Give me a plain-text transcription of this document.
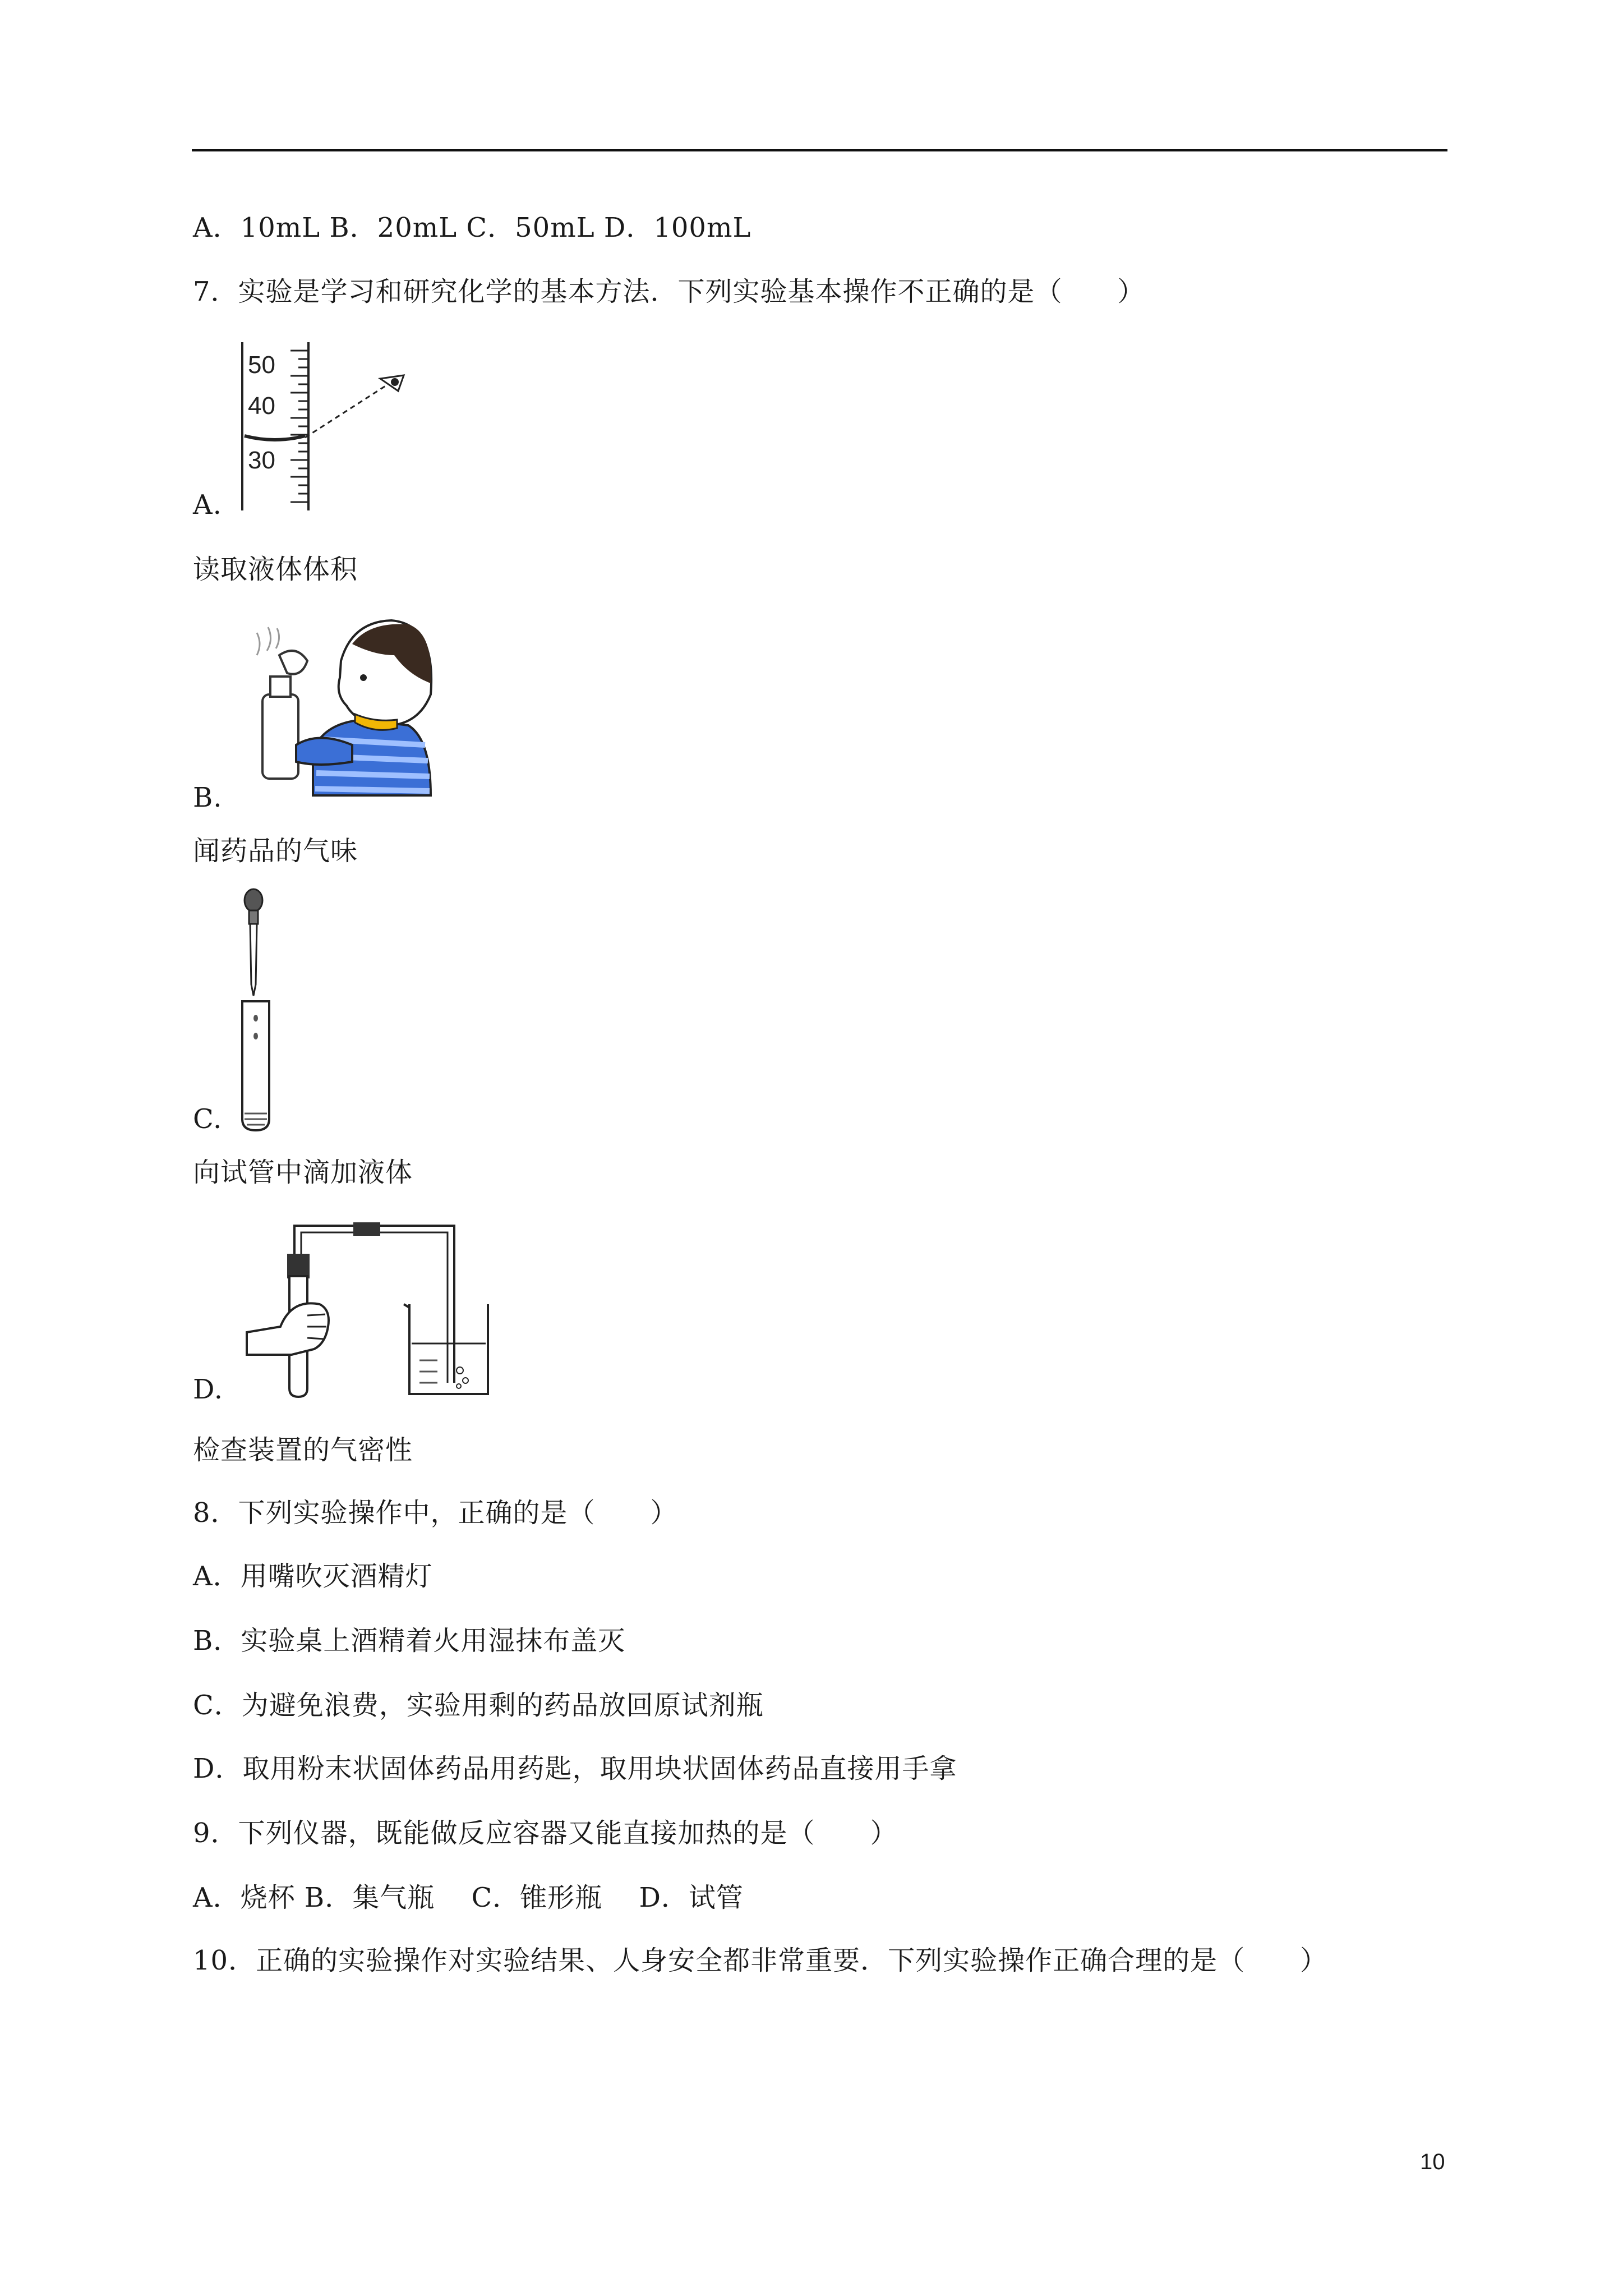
A．10mL B．20mL C．50mL D．100mL
7．实验是学习和研究化学的基本方法．下列实验基本操作不正确的是（　　）
50
40
30
A.
读取液体体积
B.
闻药品的气味
C.
向试管中滴加液体
D.
检查装置的气密性
8．下列实验操作中，正确的是（　　）
A．用嘴吹灭酒精灯
B．实验桌上酒精着火用湿抹布盖灭
C．为避免浪费，实验用剩的药品放回原试剂瓶
D．取用粉末状固体药品用药匙，取用块状固体药品直接用手拿
9．下列仪器，既能做反应容器又能直接加热的是（　　）
A．烧杯 B．集气瓶　 C．锥形瓶　 D．试管
10．正确的实验操作对实验结果、人身安全都非常重要．下列实验操作正确合理的是（　　）
10
